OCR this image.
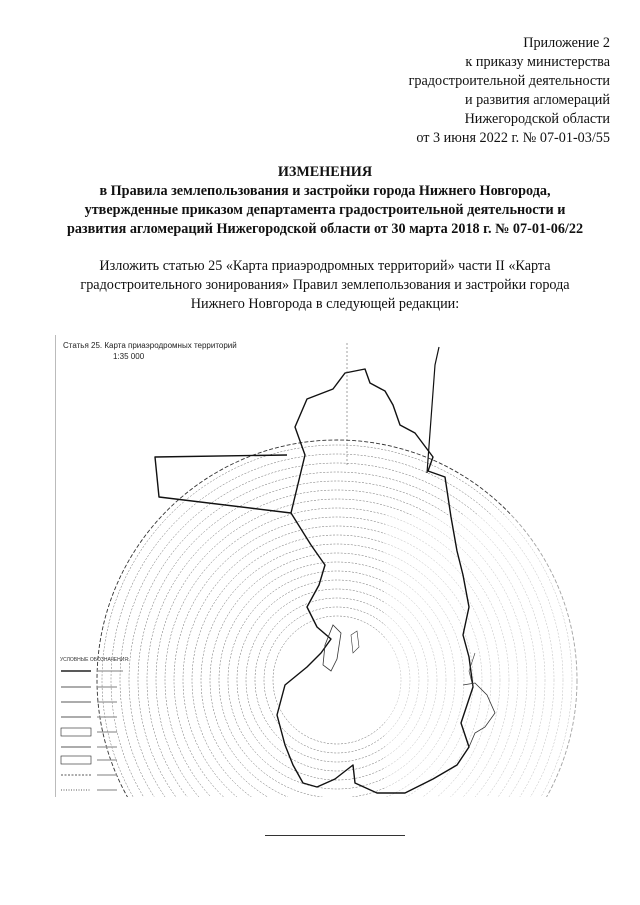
Приложение 2
к приказу министерства
градостроительной деятельности
и развития агломераций
Нижегородской области
от 3 июня 2022 г. № 07-01-03/55
ИЗМЕНЕНИЯ
в Правила землепользования и застройки города Нижнего Новгорода,
утвержденные приказом департамента градостроительной деятельности и
развития агломераций Нижегородской области от 30 марта 2018 г. № 07-01-06/22
Изложить статью 25 «Карта приаэродромных территорий» части II «Карта
градостроительного зонирования» Правил землепользования и застройки города
Нижнего Новгорода в следующей редакции:
Статья 25. Карта приаэродромных территорий
1:35 000
УСЛОВНЫЕ ОБОЗНАЧЕНИЯ:
